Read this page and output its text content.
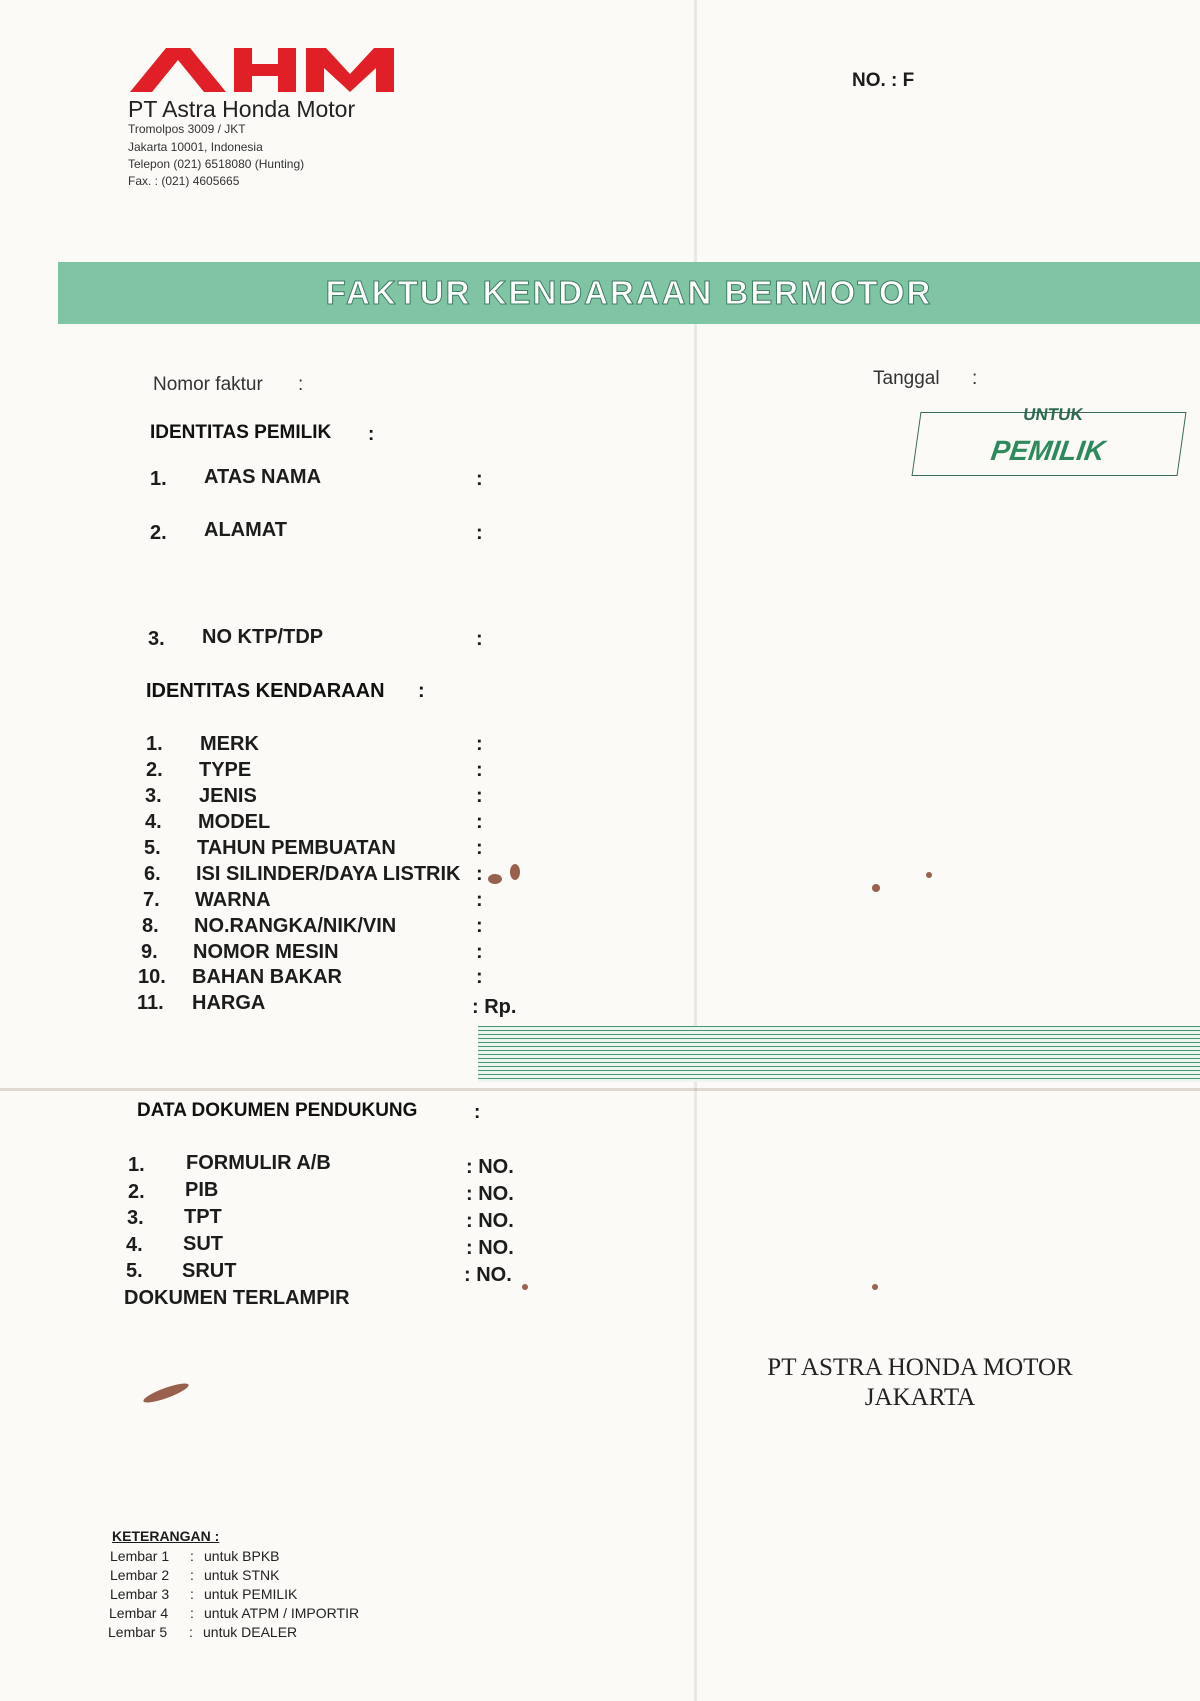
PT Astra Honda Motor
Tromolpos 3009 / JKT
Jakarta 10001, Indonesia
Telepon (021) 6518080 (Hunting)
Fax. : (021) 4605665
NO. : F
FAKTUR KENDARAAN BERMOTOR
Nomor faktur :	Tanggal :
UNTUK
PEMILIK
IDENTITAS PEMILIK :
1. ATAS NAMA	:
2. ALAMAT	:
3. NO KTP/TDP	:
IDENTITAS KENDARAAN :
1. MERK	:
2. TYPE	:
3. JENIS	:
4. MODEL	:
5. TAHUN PEMBUATAN	:
6. ISI SILINDER/DAYA LISTRIK :
7. WARNA	:
8. NO.RANGKA/NIK/VIN	:
9. NOMOR MESIN	:
10. BAHAN BAKAR	:
11. HARGA	: Rp.
DATA DOKUMEN PENDUKUNG	:
1. FORMULIR A/B	: NO.
2. PIB	: NO.
3. TPT	: NO.
4. SUT	: NO.
5. SRUT	: NO.
DOKUMEN TERLAMPIR
PT ASTRA HONDA MOTOR
JAKARTA
KETERANGAN :
Lembar 1 : untuk BPKB
Lembar 2 : untuk STNK
Lembar 3 : untuk PEMILIK
Lembar 4 : untuk ATPM / IMPORTIR
Lembar 5 : untuk DEALER
